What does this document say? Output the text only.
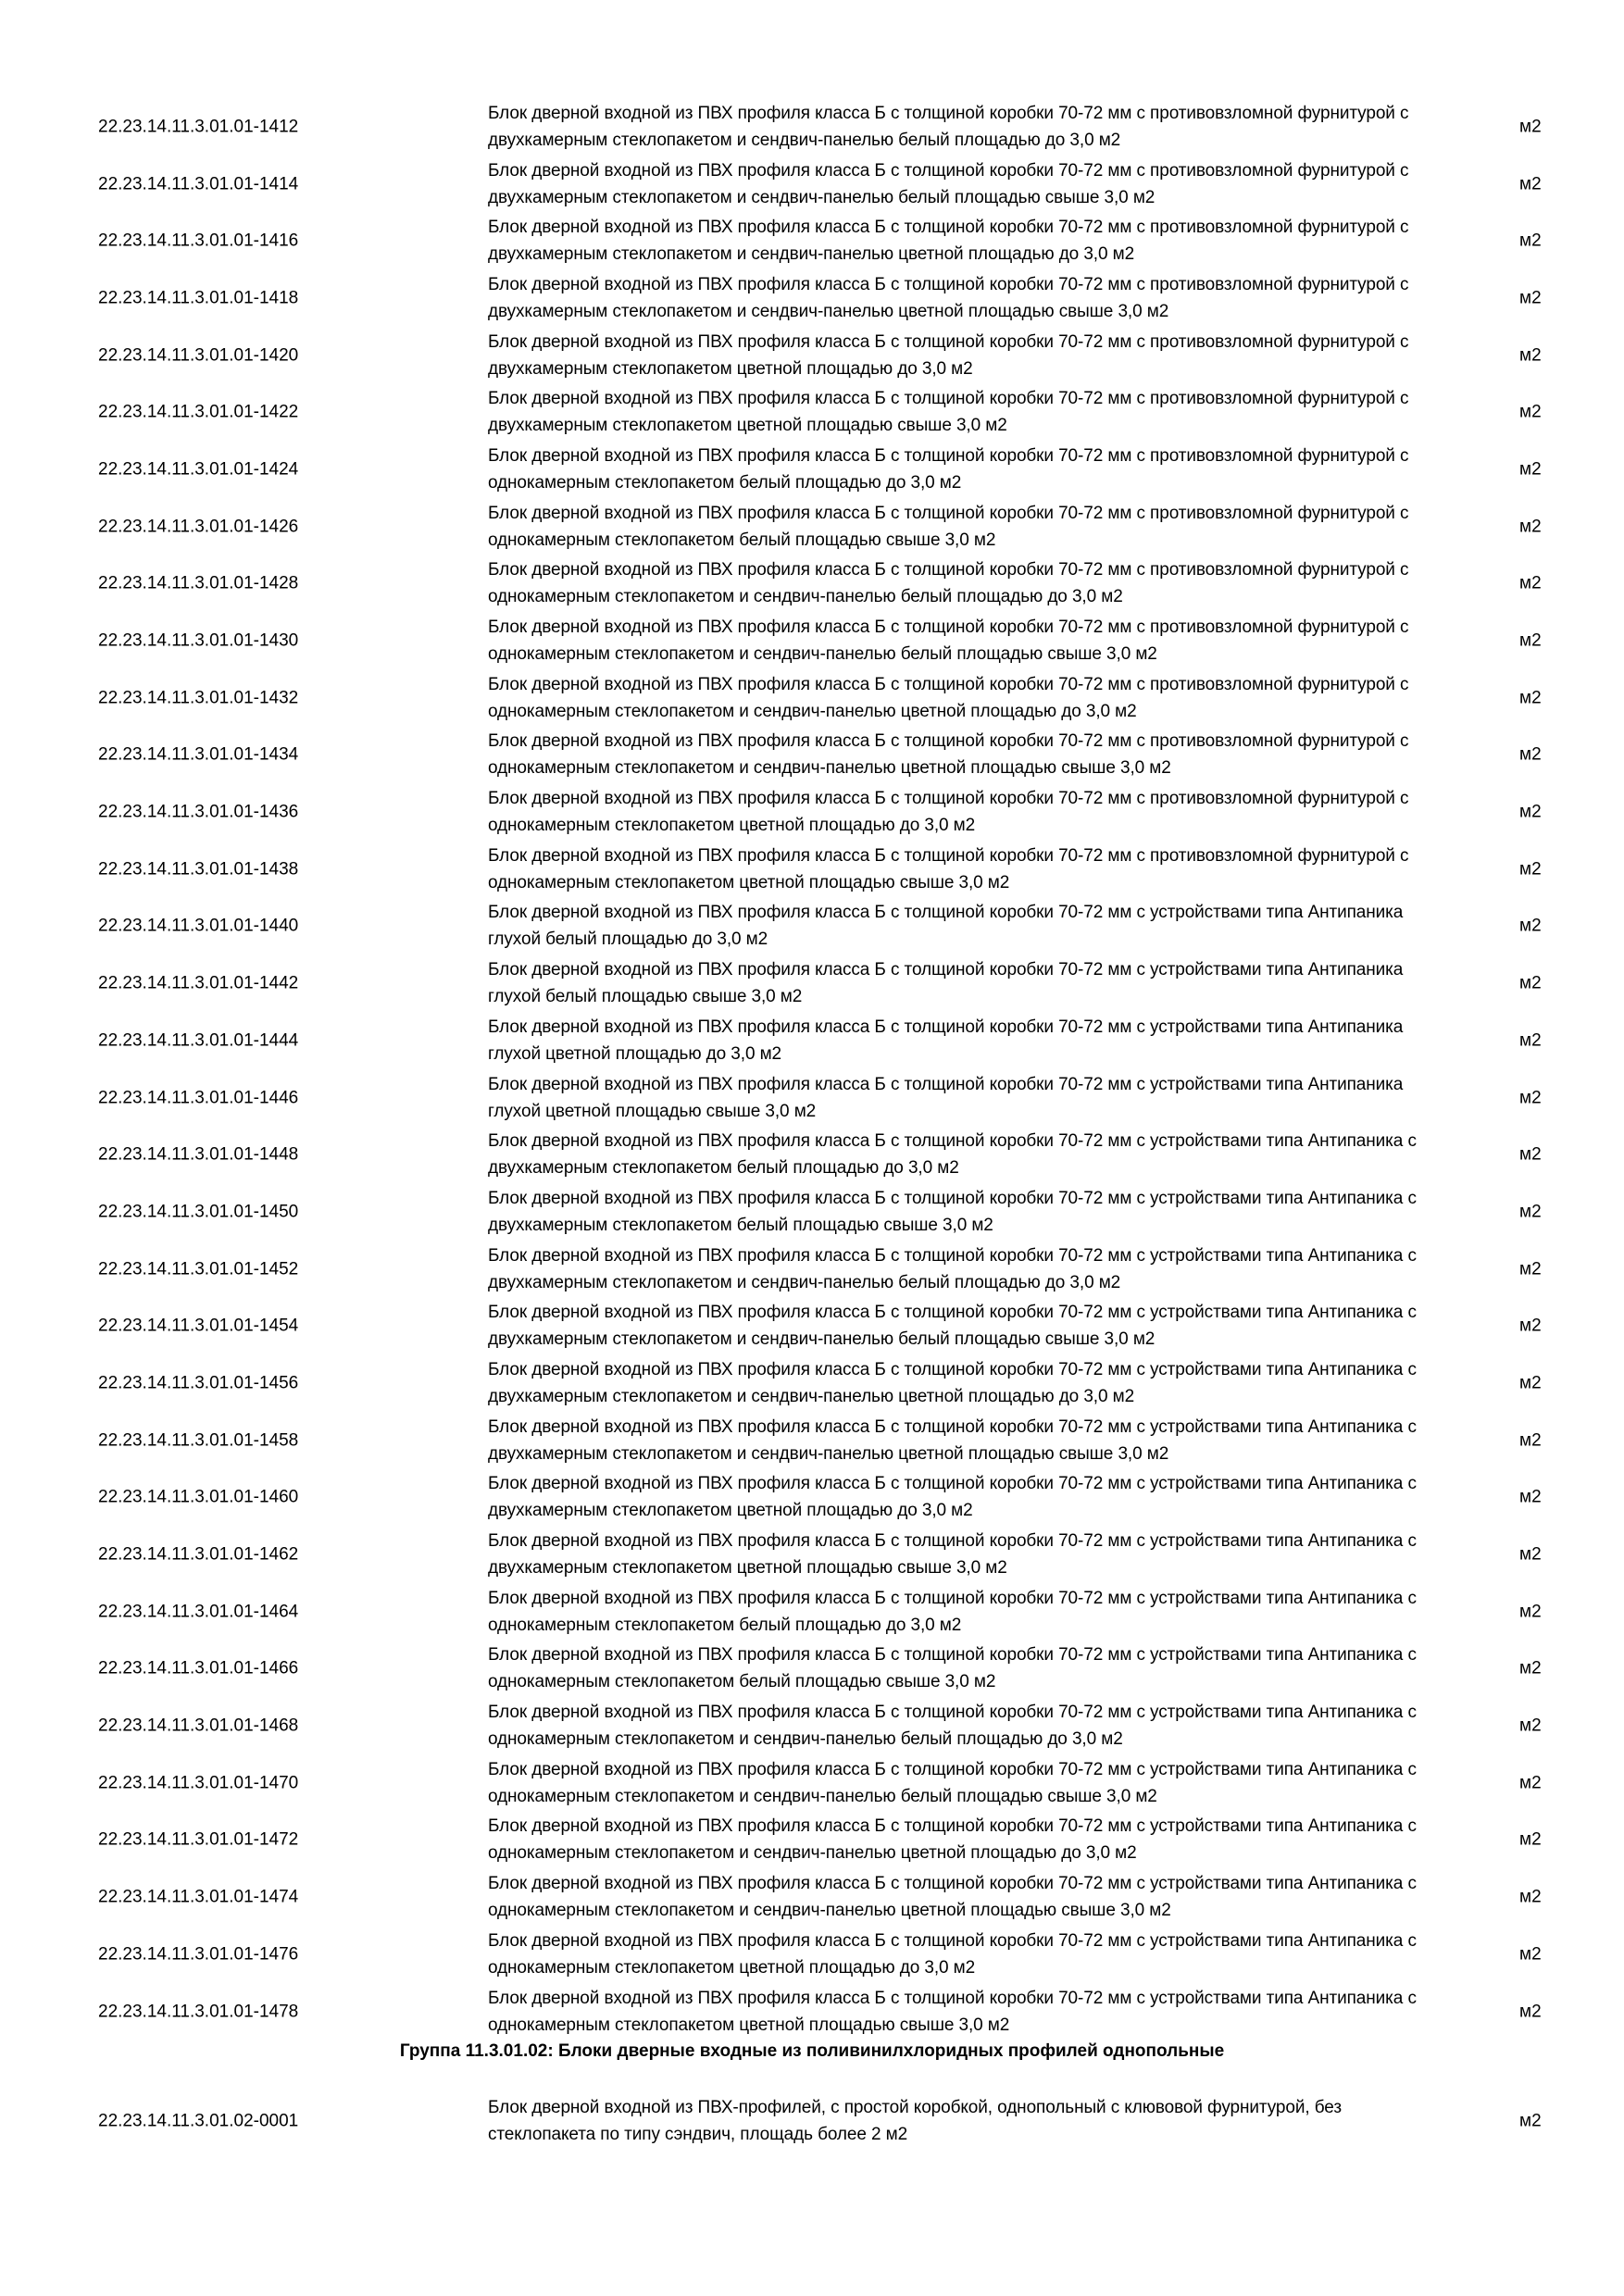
22.23.14.11.3.01.01-1412
Блок дверной входной из ПВХ профиля класса Б с толщиной коробки 70-72 мм с противовзломной фурнитурой с двухкамерным стеклопакетом и сендвич-панелью белый площадью до 3,0 м2
м2
22.23.14.11.3.01.01-1414
Блок дверной входной из ПВХ профиля класса Б с толщиной коробки 70-72 мм с противовзломной фурнитурой с двухкамерным стеклопакетом и сендвич-панелью белый площадью свыше 3,0 м2
м2
22.23.14.11.3.01.01-1416
Блок дверной входной из ПВХ профиля класса Б с толщиной коробки 70-72 мм с противовзломной фурнитурой с двухкамерным стеклопакетом и сендвич-панелью цветной площадью до 3,0 м2
м2
22.23.14.11.3.01.01-1418
Блок дверной входной из ПВХ профиля класса Б с толщиной коробки 70-72 мм с противовзломной фурнитурой с двухкамерным стеклопакетом и сендвич-панелью цветной площадью свыше 3,0 м2
м2
22.23.14.11.3.01.01-1420
Блок дверной входной из ПВХ профиля класса Б с толщиной коробки 70-72 мм с противовзломной фурнитурой с двухкамерным стеклопакетом цветной площадью до 3,0 м2
м2
22.23.14.11.3.01.01-1422
Блок дверной входной из ПВХ профиля класса Б с толщиной коробки 70-72 мм с противовзломной фурнитурой с двухкамерным стеклопакетом цветной площадью свыше 3,0 м2
м2
22.23.14.11.3.01.01-1424
Блок дверной входной из ПВХ профиля класса Б с толщиной коробки 70-72 мм с противовзломной фурнитурой с однокамерным стеклопакетом белый площадью до 3,0 м2
м2
22.23.14.11.3.01.01-1426
Блок дверной входной из ПВХ профиля класса Б с толщиной коробки 70-72 мм с противовзломной фурнитурой с однокамерным стеклопакетом белый площадью свыше 3,0 м2
м2
22.23.14.11.3.01.01-1428
Блок дверной входной из ПВХ профиля класса Б с толщиной коробки 70-72 мм с противовзломной фурнитурой с однокамерным стеклопакетом и сендвич-панелью белый площадью до 3,0 м2
м2
22.23.14.11.3.01.01-1430
Блок дверной входной из ПВХ профиля класса Б с толщиной коробки 70-72 мм с противовзломной фурнитурой с однокамерным стеклопакетом и сендвич-панелью белый площадью свыше 3,0 м2
м2
22.23.14.11.3.01.01-1432
Блок дверной входной из ПВХ профиля класса Б с толщиной коробки 70-72 мм с противовзломной фурнитурой с однокамерным стеклопакетом и сендвич-панелью цветной площадью до 3,0 м2
м2
22.23.14.11.3.01.01-1434
Блок дверной входной из ПВХ профиля класса Б с толщиной коробки 70-72 мм с противовзломной фурнитурой с однокамерным стеклопакетом и сендвич-панелью цветной площадью свыше 3,0 м2
м2
22.23.14.11.3.01.01-1436
Блок дверной входной из ПВХ профиля класса Б с толщиной коробки 70-72 мм с противовзломной фурнитурой с однокамерным стеклопакетом цветной площадью до 3,0 м2
м2
22.23.14.11.3.01.01-1438
Блок дверной входной из ПВХ профиля класса Б с толщиной коробки 70-72 мм с противовзломной фурнитурой с однокамерным стеклопакетом цветной площадью свыше 3,0 м2
м2
22.23.14.11.3.01.01-1440
Блок дверной входной из ПВХ профиля класса Б с толщиной коробки 70-72 мм с устройствами типа Антипаника глухой белый площадью до 3,0 м2
м2
22.23.14.11.3.01.01-1442
Блок дверной входной из ПВХ профиля класса Б с толщиной коробки 70-72 мм с устройствами типа Антипаника глухой белый площадью свыше 3,0 м2
м2
22.23.14.11.3.01.01-1444
Блок дверной входной из ПВХ профиля класса Б с толщиной коробки 70-72 мм с устройствами типа Антипаника глухой цветной площадью до 3,0 м2
м2
22.23.14.11.3.01.01-1446
Блок дверной входной из ПВХ профиля класса Б с толщиной коробки 70-72 мм с устройствами типа Антипаника глухой цветной площадью свыше 3,0 м2
м2
22.23.14.11.3.01.01-1448
Блок дверной входной из ПВХ профиля класса Б с толщиной коробки 70-72 мм с устройствами типа Антипаника с двухкамерным стеклопакетом белый площадью до 3,0 м2
м2
22.23.14.11.3.01.01-1450
Блок дверной входной из ПВХ профиля класса Б с толщиной коробки 70-72 мм с устройствами типа Антипаника с двухкамерным стеклопакетом белый площадью свыше 3,0 м2
м2
22.23.14.11.3.01.01-1452
Блок дверной входной из ПВХ профиля класса Б с толщиной коробки 70-72 мм с устройствами типа Антипаника с двухкамерным стеклопакетом и сендвич-панелью белый площадью до 3,0 м2
м2
22.23.14.11.3.01.01-1454
Блок дверной входной из ПВХ профиля класса Б с толщиной коробки 70-72 мм с устройствами типа Антипаника с двухкамерным стеклопакетом и сендвич-панелью белый площадью свыше 3,0 м2
м2
22.23.14.11.3.01.01-1456
Блок дверной входной из ПВХ профиля класса Б с толщиной коробки 70-72 мм с устройствами типа Антипаника с двухкамерным стеклопакетом и сендвич-панелью цветной площадью до 3,0 м2
м2
22.23.14.11.3.01.01-1458
Блок дверной входной из ПВХ профиля класса Б с толщиной коробки 70-72 мм с устройствами типа Антипаника с двухкамерным стеклопакетом и сендвич-панелью цветной площадью свыше 3,0 м2
м2
22.23.14.11.3.01.01-1460
Блок дверной входной из ПВХ профиля класса Б с толщиной коробки 70-72 мм с устройствами типа Антипаника с двухкамерным стеклопакетом цветной площадью до 3,0 м2
м2
22.23.14.11.3.01.01-1462
Блок дверной входной из ПВХ профиля класса Б с толщиной коробки 70-72 мм с устройствами типа Антипаника с двухкамерным стеклопакетом цветной площадью свыше 3,0 м2
м2
22.23.14.11.3.01.01-1464
Блок дверной входной из ПВХ профиля класса Б с толщиной коробки 70-72 мм с устройствами типа Антипаника с однокамерным стеклопакетом белый площадью до 3,0 м2
м2
22.23.14.11.3.01.01-1466
Блок дверной входной из ПВХ профиля класса Б с толщиной коробки 70-72 мм с устройствами типа Антипаника с однокамерным стеклопакетом белый площадью свыше 3,0 м2
м2
22.23.14.11.3.01.01-1468
Блок дверной входной из ПВХ профиля класса Б с толщиной коробки 70-72 мм с устройствами типа Антипаника с однокамерным стеклопакетом и сендвич-панелью белый площадью до 3,0 м2
м2
22.23.14.11.3.01.01-1470
Блок дверной входной из ПВХ профиля класса Б с толщиной коробки 70-72 мм с устройствами типа Антипаника с однокамерным стеклопакетом и сендвич-панелью белый площадью свыше 3,0 м2
м2
22.23.14.11.3.01.01-1472
Блок дверной входной из ПВХ профиля класса Б с толщиной коробки 70-72 мм с устройствами типа Антипаника с однокамерным стеклопакетом и сендвич-панелью цветной площадью до 3,0 м2
м2
22.23.14.11.3.01.01-1474
Блок дверной входной из ПВХ профиля класса Б с толщиной коробки 70-72 мм с устройствами типа Антипаника с однокамерным стеклопакетом и сендвич-панелью цветной площадью свыше 3,0 м2
м2
22.23.14.11.3.01.01-1476
Блок дверной входной из ПВХ профиля класса Б с толщиной коробки 70-72 мм с устройствами типа Антипаника с однокамерным стеклопакетом цветной площадью до 3,0 м2
м2
22.23.14.11.3.01.01-1478
Блок дверной входной из ПВХ профиля класса Б с толщиной коробки 70-72 мм с устройствами типа Антипаника с однокамерным стеклопакетом цветной площадью свыше 3,0 м2
м2
Группа 11.3.01.02: Блоки дверные входные из поливинилхлоридных профилей однопольные
22.23.14.11.3.01.02-0001
Блок дверной входной из ПВХ-профилей, с простой коробкой, однопольный с клювовой фурнитурой, без стеклопакета по типу сэндвич, площадь более 2 м2
м2
